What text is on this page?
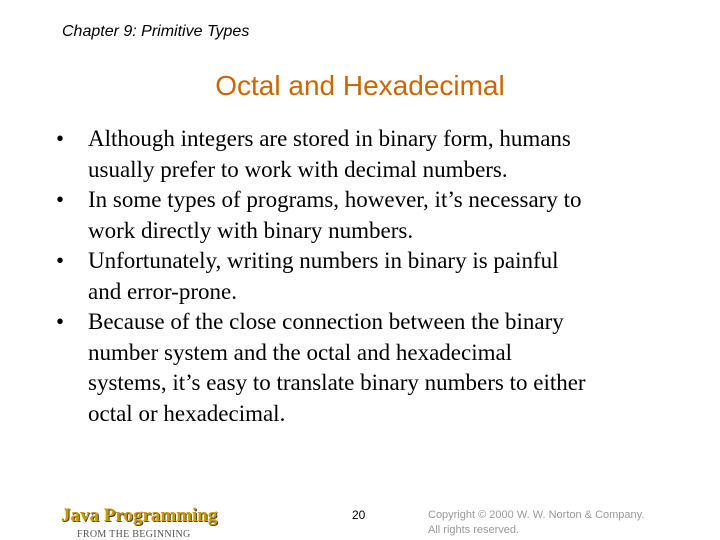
Chapter 9: Primitive Types
Octal and Hexadecimal
• Although integers are stored in binary form, humans
usually prefer to work with decimal numbers.
• In some types of programs, however, it’s necessary to
work directly with binary numbers.
• Unfortunately, writing numbers in binary is painful
and error-prone.
• Because of the close connection between the binary
number system and the octal and hexadecimal
systems, it’s easy to translate binary numbers to either
octal or hexadecimal.
Java Programming
FROM THE BEGINNING
20	Copyright © 2000 W. W. Norton & Company.
All rights reserved.
